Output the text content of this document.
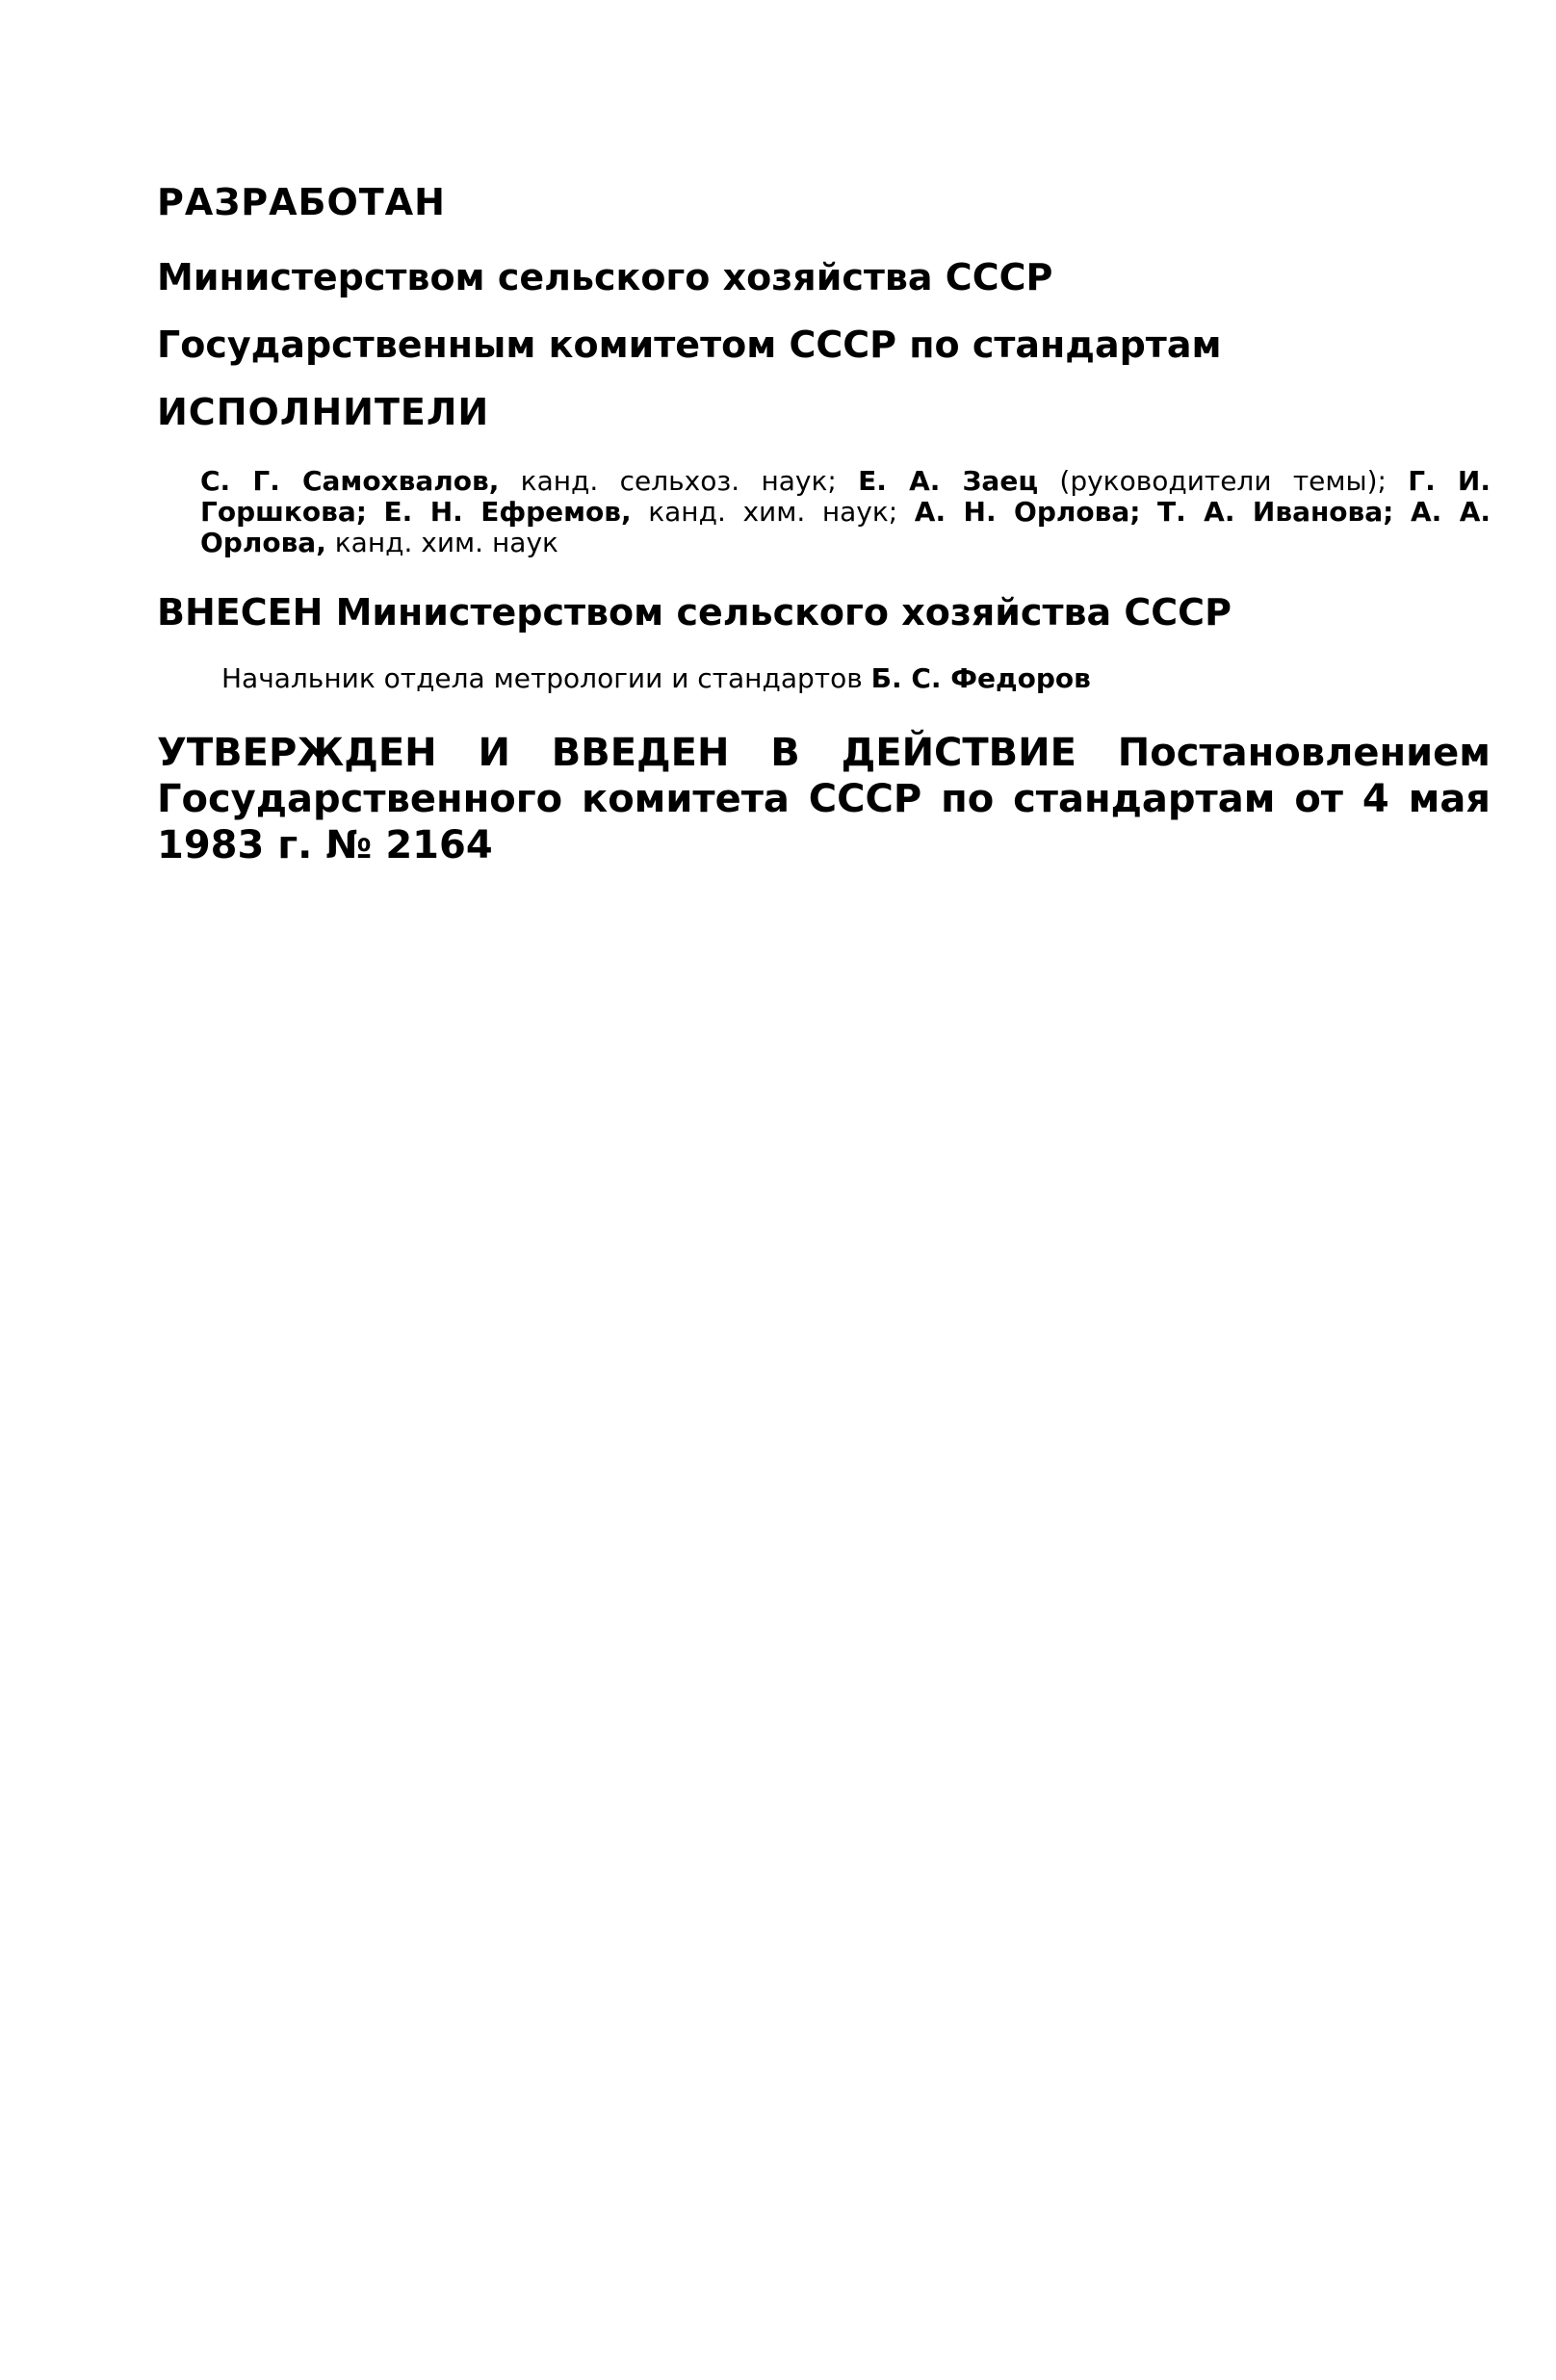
РАЗРАБОТАН
Министерством сельского хозяйства СССР
Государственным комитетом СССР по стандартам
ИСПОЛНИТЕЛИ
С. Г. Самохвалов, канд. сельхоз. наук; Е. А. Заец (руководители темы); Г. И. Горшкова; Е. Н. Ефремов, канд. хим. наук; А. Н. Орлова; Т. А. Иванова; А. А. Орлова, канд. хим. наук
ВНЕСЕН Министерством сельского хозяйства СССР
Начальник отдела метрологии и стандартов Б. С. Федоров
УТВЕРЖДЕН И ВВЕДЕН В ДЕЙСТВИЕ Постановлением Государственного комитета СССР по стандартам от 4 мая 1983 г. № 2164
